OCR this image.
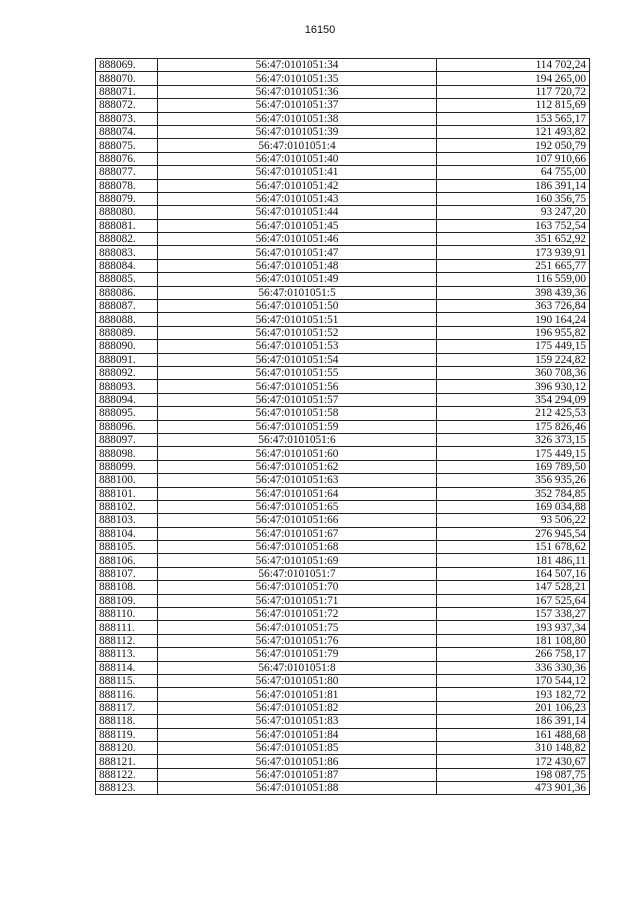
16150
888069.	56:47:0101051:34	114 702,24
888070.	56:47:0101051:35	194 265,00
888071.	56:47:0101051:36	117 720,72
888072.	56:47:0101051:37	112 815,69
888073.	56:47:0101051:38	153 565,17
888074.	56:47:0101051:39	121 493,82
888075.	56:47:0101051:4	192 050,79
888076.	56:47:0101051:40	107 910,66
888077.	56:47:0101051:41	64 755,00
888078.	56:47:0101051:42	186 391,14
888079.	56:47:0101051:43	160 356,75
888080.	56:47:0101051:44	93 247,20
888081.	56:47:0101051:45	163 752,54
888082.	56:47:0101051:46	351 652,92
888083.	56:47:0101051:47	173 939,91
888084.	56:47:0101051:48	251 665,77
888085.	56:47:0101051:49	116 559,00
888086.	56:47:0101051:5	398 439,36
888087.	56:47:0101051:50	363 726,84
888088.	56:47:0101051:51	190 164,24
888089.	56:47:0101051:52	196 955,82
888090.	56:47:0101051:53	175 449,15
888091.	56:47:0101051:54	159 224,82
888092.	56:47:0101051:55	360 708,36
888093.	56:47:0101051:56	396 930,12
888094.	56:47:0101051:57	354 294,09
888095.	56:47:0101051:58	212 425,53
888096.	56:47:0101051:59	175 826,46
888097.	56:47:0101051:6	326 373,15
888098.	56:47:0101051:60	175 449,15
888099.	56:47:0101051:62	169 789,50
888100.	56:47:0101051:63	356 935,26
888101.	56:47:0101051:64	352 784,85
888102.	56:47:0101051:65	169 034,88
888103.	56:47:0101051:66	93 506,22
888104.	56:47:0101051:67	276 945,54
888105.	56:47:0101051:68	151 678,62
888106.	56:47:0101051:69	181 486,11
888107.	56:47:0101051:7	164 507,16
888108.	56:47:0101051:70	147 528,21
888109.	56:47:0101051:71	167 525,64
888110.	56:47:0101051:72	157 338,27
888111.	56:47:0101051:75	193 937,34
888112.	56:47:0101051:76	181 108,80
888113.	56:47:0101051:79	266 758,17
888114.	56:47:0101051:8	336 330,36
888115.	56:47:0101051:80	170 544,12
888116.	56:47:0101051:81	193 182,72
888117.	56:47:0101051:82	201 106,23
888118.	56:47:0101051:83	186 391,14
888119.	56:47:0101051:84	161 488,68
888120.	56:47:0101051:85	310 148,82
888121.	56:47:0101051:86	172 430,67
888122.	56:47:0101051:87	198 087,75
888123.	56:47:0101051:88	473 901,36
